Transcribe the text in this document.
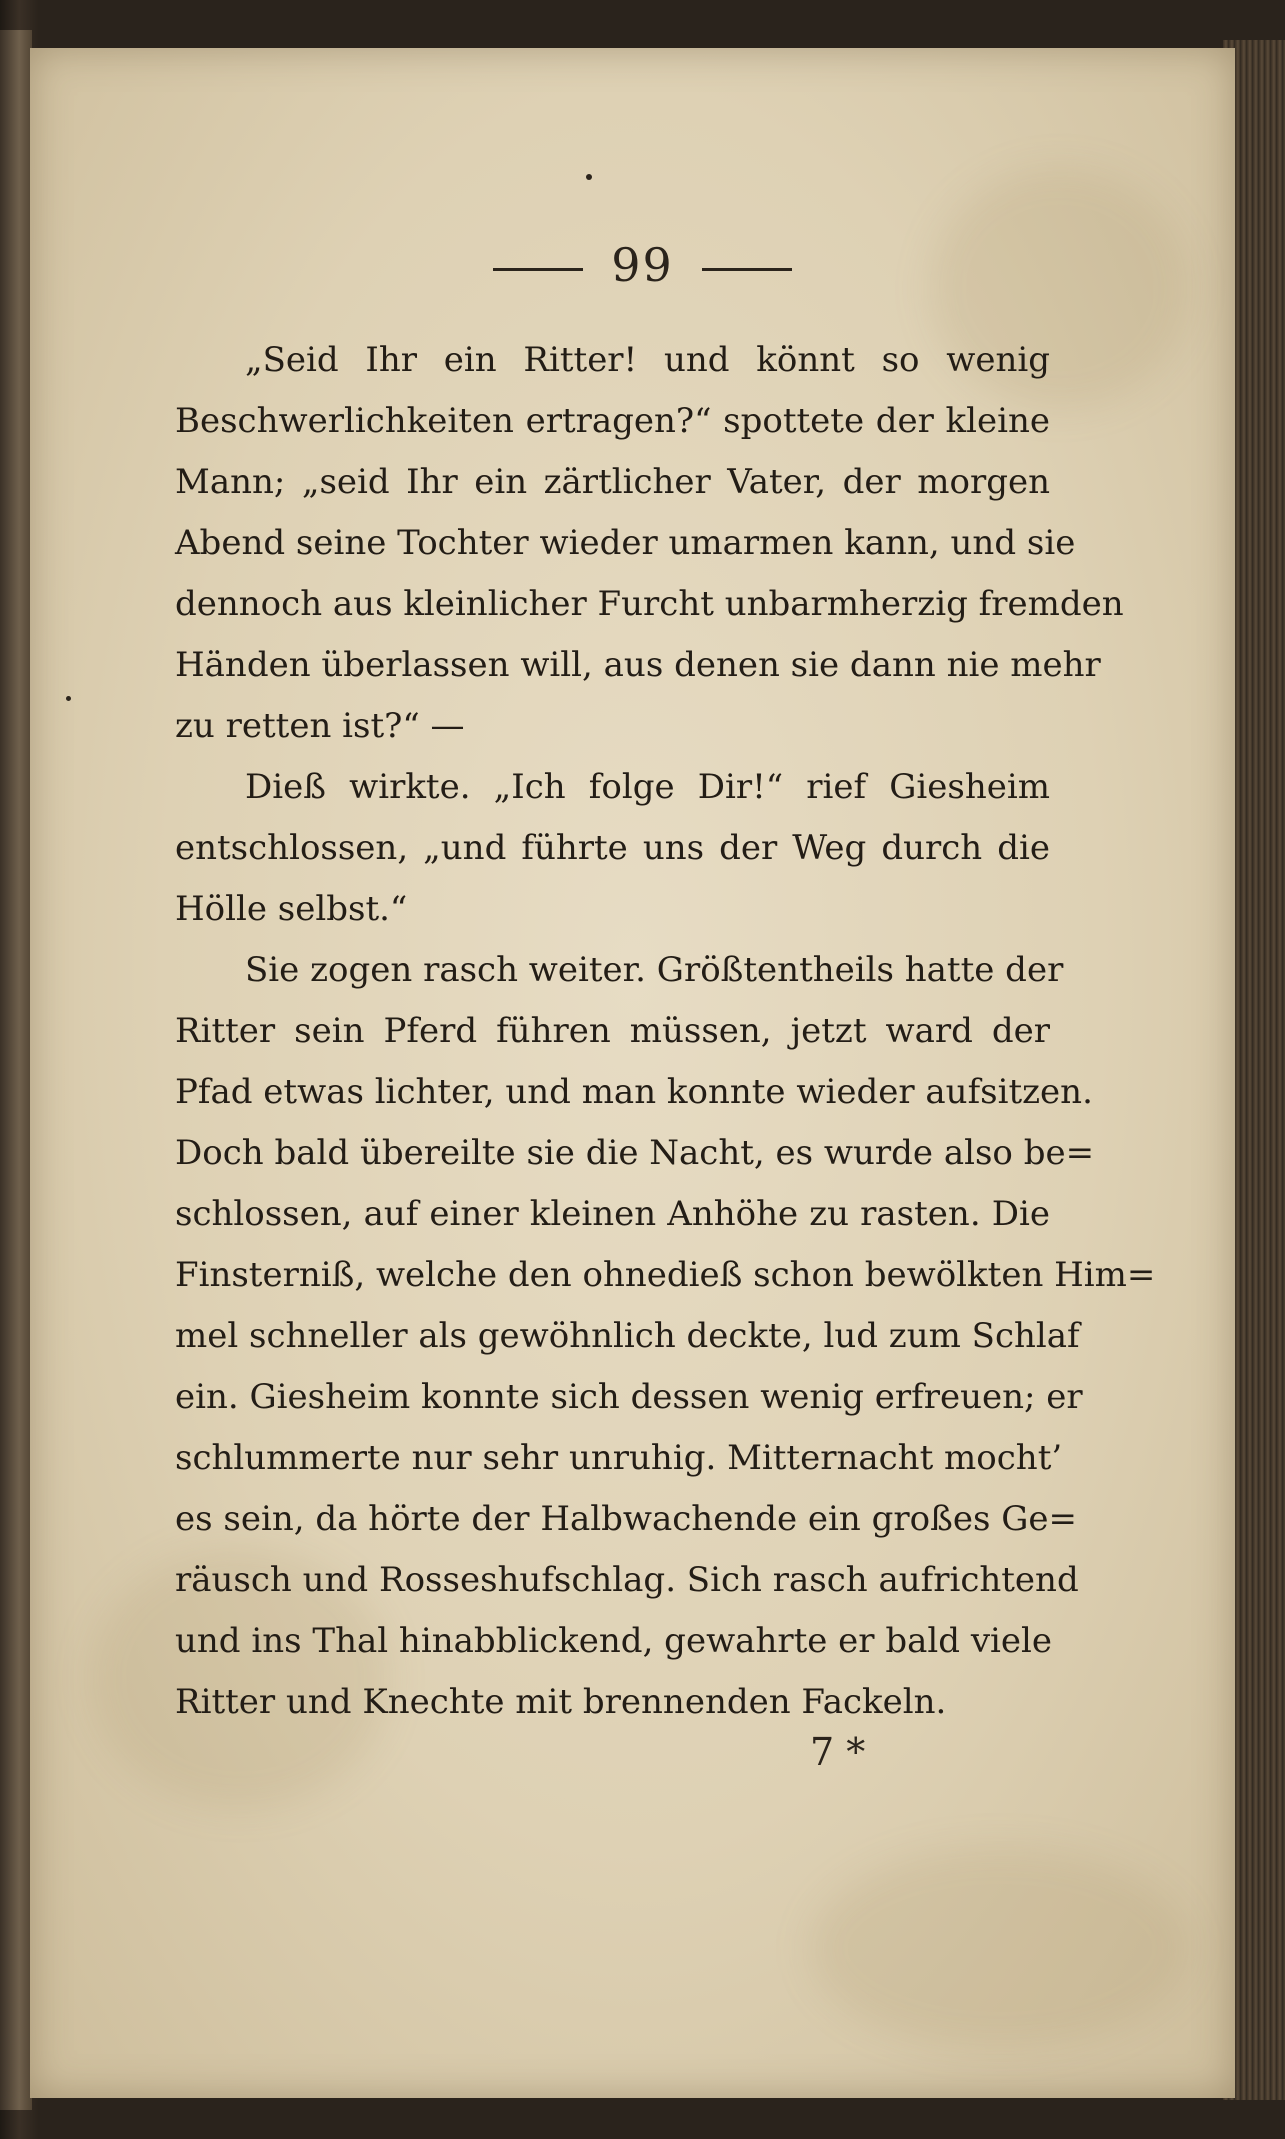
99
„Seid Ihr ein Ritter! und könnt so wenig
Beschwerlichkeiten ertragen?“ spottete der kleine
Mann; „seid Ihr ein zärtlicher Vater, der morgen
Abend seine Tochter wieder umarmen kann, und sie
dennoch aus kleinlicher Furcht unbarmherzig fremden
Händen überlassen will, aus denen sie dann nie mehr
zu retten ist?“ —
Dieß wirkte. „Ich folge Dir!“ rief Giesheim
entschlossen, „und führte uns der Weg durch die
Hölle selbst.“
Sie zogen rasch weiter. Größtentheils hatte der
Ritter sein Pferd führen müssen, jetzt ward der
Pfad etwas lichter, und man konnte wieder aufsitzen.
Doch bald übereilte sie die Nacht, es wurde also be=
schlossen, auf einer kleinen Anhöhe zu rasten. Die
Finsterniß, welche den ohnedieß schon bewölkten Him=
mel schneller als gewöhnlich deckte, lud zum Schlaf
ein. Giesheim konnte sich dessen wenig erfreuen; er
schlummerte nur sehr unruhig. Mitternacht mocht’
es sein, da hörte der Halbwachende ein großes Ge=
räusch und Rosseshufschlag. Sich rasch aufrichtend
und ins Thal hinabblickend, gewahrte er bald viele
Ritter und Knechte mit brennenden Fackeln.
7 *
